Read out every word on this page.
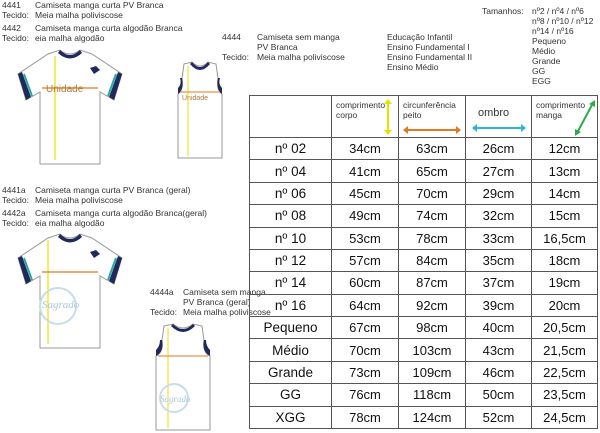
4441 Camiseta manga curta PV Branca
Tecido: Meia malha poliviscose
4442 Camiseta manga curta algodão Branca
Tecido: eia malha algodão	4444 Camiseta sem manga
PV Branca
Tecido: Meia malha poliviscose
Educação Infantil
Ensino Fundamental I
Ensino Fundamental II
Ensino Médio
Tamanhos: nº2 / nº4 / nº6
nº8 / nº10 / nº12
nº14 / nº16
Pequeno
Médio
Grande
GG
EGG
Unidade
Unidade
4441a Camiseta manga curta PV Branca (geral)
Tecido: Meia malha poliviscose
4442a Camiseta manga curta algodão Branca(geral)
Tecido: eia malha algodão
Sagrado
4444a Camiseta sem manga
PV Branca (geral)
Tecido: Meia malha poliviscose
Sagrado

	comprimento corpo	circunferência peito	ombro	comprimento manga

nº 02	34cm	63cm	26cm	12cm
nº 04	41cm	65cm	27cm	13cm
nº 06	45cm	70cm	29cm	14cm
nº 08	49cm	74cm	32cm	15cm
nº 10	53cm	78cm	33cm	16,5cm
nº 12	57cm	84cm	35cm	18cm
nº 14	60cm	87cm	37cm	19cm
nº 16	64cm	92cm	39cm	20cm
Pequeno	67cm	98cm	40cm	20,5cm
Médio	70cm	103cm	43cm	21,5cm
Grande	73cm	109cm	46cm	22,5cm
GG	76cm	118cm	50cm	23,5cm
XGG	78cm	124cm	52cm	24,5cm
